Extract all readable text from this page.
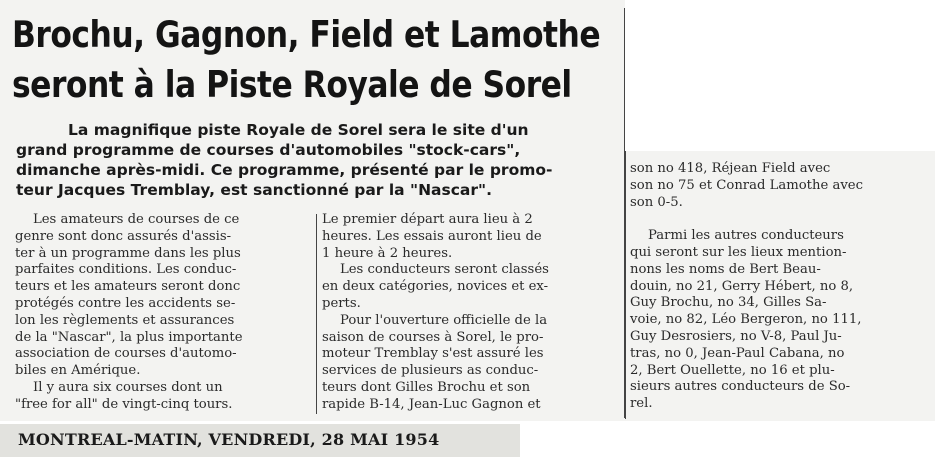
Brochu, Gagnon, Field et Lamothe
seront à la Piste Royale de Sorel
La magnifique piste Royale de Sorel sera le site d'un
grand programme de courses d'automobiles "stock-cars",
dimanche après-midi. Ce programme, présenté par le promo-
teur Jacques Tremblay, est sanctionné par la "Nascar".
Les amateurs de courses de ce
genre sont donc assurés d'assis-
ter à un programme dans les plus
parfaites conditions. Les conduc-
teurs et les amateurs seront donc
protégés contre les accidents se-
lon les règlements et assurances
de la "Nascar", la plus importante
association de courses d'automo-
biles en Amérique.
Il y aura six courses dont un
"free for all" de vingt-cinq tours.
Le premier départ aura lieu à 2
heures. Les essais auront lieu de
1 heure à 2 heures.
Les conducteurs seront classés
en deux catégories, novices et ex-
perts.
Pour l'ouverture officielle de la
saison de courses à Sorel, le pro-
moteur Tremblay s'est assuré les
services de plusieurs as conduc-
teurs dont Gilles Brochu et son
rapide B-14, Jean-Luc Gagnon et
son no 418, Réjean Field avec
son no 75 et Conrad Lamothe avec
son 0-5.
Parmi les autres conducteurs
qui seront sur les lieux mention-
nons les noms de Bert Beau-
douin, no 21, Gerry Hébert, no 8,
Guy Brochu, no 34, Gilles Sa-
voie, no 82, Léo Bergeron, no 111,
Guy Desrosiers, no V-8, Paul Ju-
tras, no 0, Jean-Paul Cabana, no
2, Bert Ouellette, no 16 et plu-
sieurs autres conducteurs de So-
rel.
MONTREAL-MATIN, VENDREDI, 28 MAI 1954
